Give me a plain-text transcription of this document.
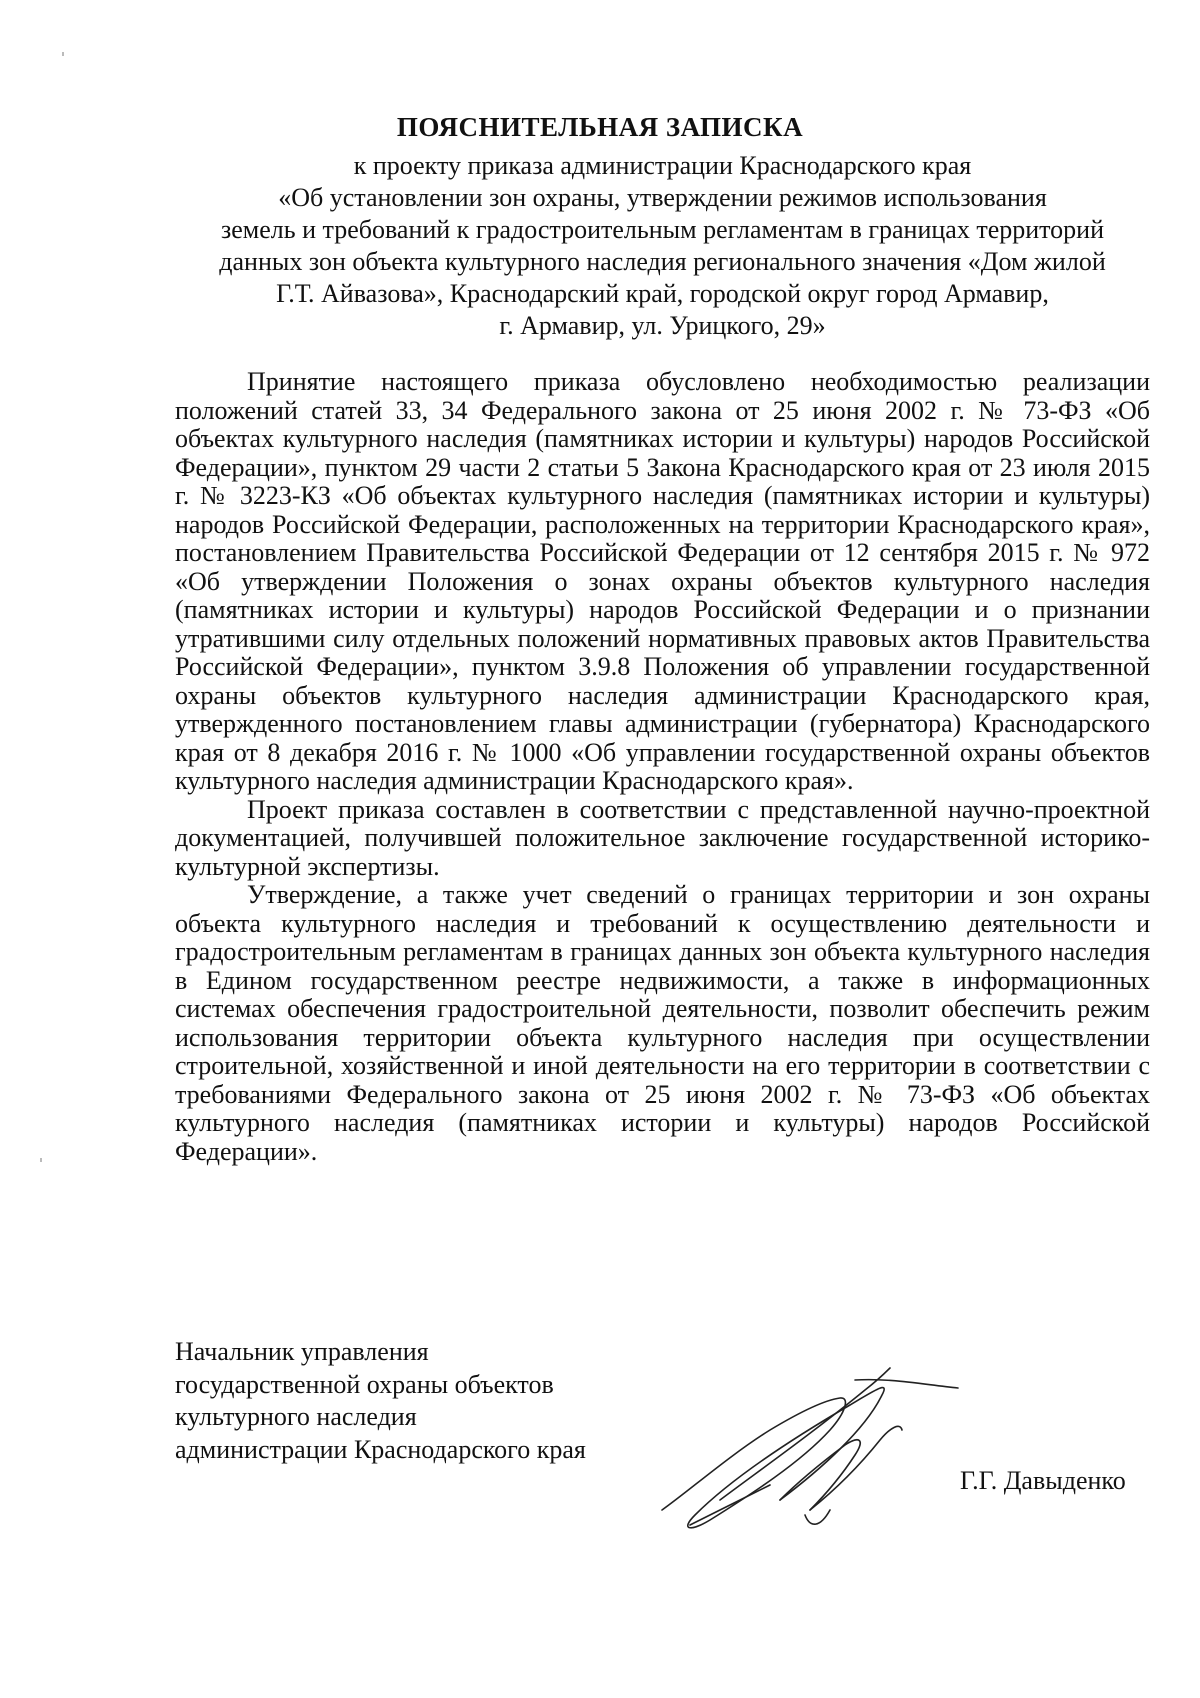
ПОЯСНИТЕЛЬНАЯ ЗАПИСКА
к проекту приказа администрации Краснодарского края
«Об установлении зон охраны, утверждении режимов использования
земель и требований к градостроительным регламентам в границах территорий
данных зон объекта культурного наследия регионального значения «Дом жилой
Г.Т. Айвазова», Краснодарский край, городской округ город Армавир,
г. Армавир, ул. Урицкого, 29»

Принятие настоящего приказа обусловлено необходимостью реализации положений статей 33, 34 Федерального закона от 25 июня 2002 г. № 73-ФЗ «Об объектах культурного наследия (памятниках истории и культуры) народов Российской Федерации», пунктом 29 части 2 статьи 5 Закона Краснодарского края от 23 июля 2015 г. № 3223-КЗ «Об объектах культурного наследия (памятниках истории и культуры) народов Российской Федерации, расположенных на территории Краснодарского края», постановлением Правительства Российской Федерации от 12 сентября 2015 г. № 972 «Об утверждении Положения о зонах охраны объектов культурного наследия (памятниках истории и культуры) народов Российской Федерации и о признании утратившими силу отдельных положений нормативных правовых актов Правительства Российской Федерации», пунктом 3.9.8 Положения об управлении государственной охраны объектов культурного наследия администрации Краснодарского края, утвержденного постановлением главы администрации (губернатора) Краснодарского края от 8 декабря 2016 г. № 1000 «Об управлении государственной охраны объектов культурного наследия администрации Краснодарского края».

Проект приказа составлен в соответствии с представленной научно-проектной документацией, получившей положительное заключение государственной историко-культурной экспертизы.

Утверждение, а также учет сведений о границах территории и зон охраны объекта культурного наследия и требований к осуществлению деятельности и градостроительным регламентам в границах данных зон объекта культурного наследия в Едином государственном реестре недвижимости, а также в информационных системах обеспечения градостроительной деятельности, позволит обеспечить режим использования территории объекта культурного наследия при осуществлении строительной, хозяйственной и иной деятельности на его территории в соответствии с требованиями Федерального закона от 25 июня 2002 г. № 73-ФЗ «Об объектах культурного наследия (памятниках истории и культуры) народов Российской Федерации».

Начальник управления
государственной охраны объектов
культурного наследия
администрации Краснодарского края
Г.Г. Давыденко
